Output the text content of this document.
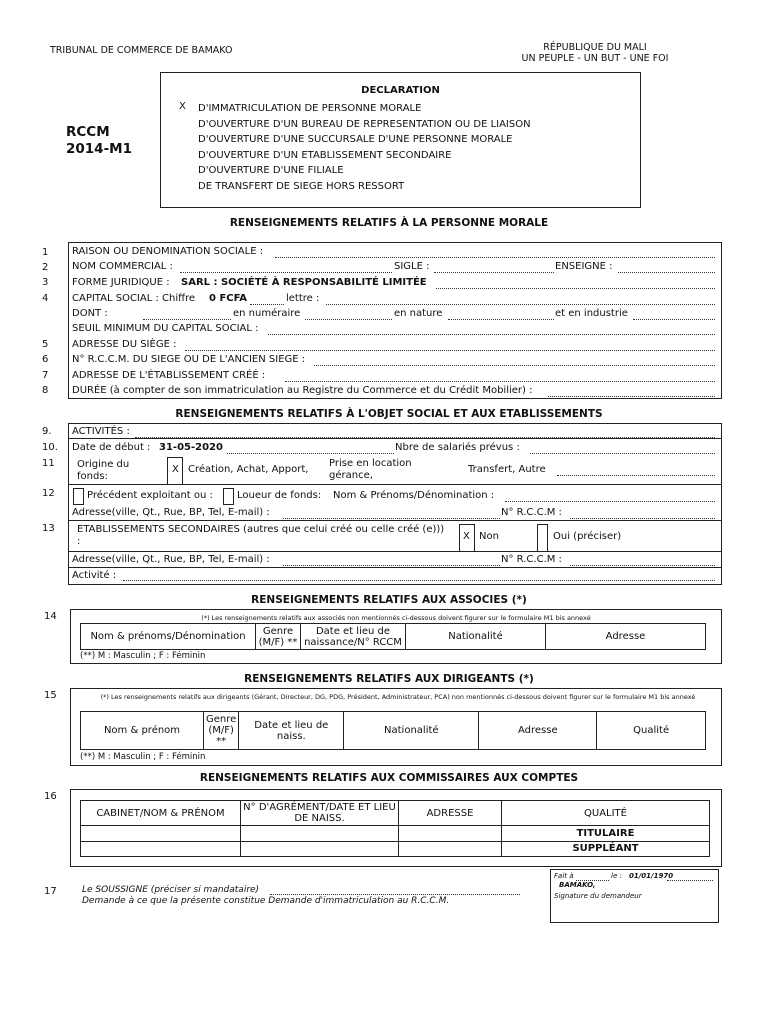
TRIBUNAL DE COMMERCE DE BAMAKO	RÉPUBLIQUE DU MALI
UN PEUPLE - UN BUT - UNE FOI
RCCM
2014-M1
DECLARATION
X D'IMMATRICULATION DE PERSONNE MORALE
D'OUVERTURE D'UN BUREAU DE REPRESENTATION OU DE LIAISON
D'OUVERTURE D'UNE SUCCURSALE D'UNE PERSONNE MORALE
D'OUVERTURE D'UN ETABLISSEMENT SECONDAIRE
D'OUVERTURE D'UNE FILIALE
DE TRANSFERT DE SIEGE HORS RESSORT
RENSEIGNEMENTS RELATIFS À LA PERSONNE MORALE
1
2
3
4
5
6
7
8
RAISON OU DENOMINATION SOCIALE :
NOM COMMERCIAL :	SIGLE :	ENSEIGNE :
FORME JURIDIQUE : SARL : SOCIÉTÉ À RESPONSABILITÉ LIMITÉE
CAPITAL SOCIAL : Chiffre 0 FCFA	lettre :
DONT :	en numéraire	en nature	et en industrie
SEUIL MINIMUM DU CAPITAL SOCIAL :
ADRESSE DU SIÈGE :
N° R.C.C.M. DU SIEGE OU DE L'ANCIEN SIEGE :
ADRESSE DE L'ÉTABLISSEMENT CRÉÉ :
DURÉE (à compter de son immatriculation au Registre du Commerce et du Crédit Mobilier) :
RENSEIGNEMENTS RELATIFS À L'OBJET SOCIAL ET AUX ETABLISSEMENTS
9.
10.
11
12
13
ACTIVITÉS :
Date de début : 31-05-2020	Nbre de salariés prévus :
Origine du fonds:
X Création, Achat, Apport,
Prise en location gérance,
Transfert, Autre
Précédent exploitant ou : Loueur de fonds: Nom & Prénoms/Dénomination :
Adresse(ville, Qt., Rue, BP, Tel, E-mail) :	N° R.C.C.M :
ETABLISSEMENTS SECONDAIRES (autres que celui créé ou celle créé (e))) :	X Non	Oui (préciser)
Adresse(ville, Qt., Rue, BP, Tel, E-mail) :	N° R.C.C.M :
Activité :
RENSEIGNEMENTS RELATIFS AUX ASSOCIES (*)
14	(*) Les renseignements relatifs aux associés non mentionnés ci-dessous doivent figurer sur le formulaire M1 bis annexé
Nom & prénoms/Dénomination	Genre (M/F) **	Date et lieu de naissance/N° RCCM	Nationalité	Adresse
(**) M : Masculin ; F : Féminin
RENSEIGNEMENTS RELATIFS AUX DIRIGEANTS (*)
15	(*) Les renseignements relatifs aux dirigeants (Gérant, Directeur, DG, PDG, Président, Administrateur, PCA) non mentionnés ci-dessous doivent figurer sur le formulaire M1 bis annexé
Nom & prénom	Genre (M/F) **	Date et lieu de naiss.	Nationalité	Adresse	Qualité
(**) M : Masculin ; F : Féminin
RENSEIGNEMENTS RELATIFS AUX COMMISSAIRES AUX COMPTES
16
CABINET/NOM & PRÉNOM	N° D'AGRÉMENT/DATE ET LIEU DE NAISS.	ADRESSE	QUALITÉ
			TITULAIRE
			SUPPLÉANT
17	Le SOUSSIGNE (préciser si mandataire)
Demande à ce que la présente constitue Demande d'immatriculation au R.C.C.M.
Fait à	le : 01/01/1970
BAMAKO,
Signature du demandeur
